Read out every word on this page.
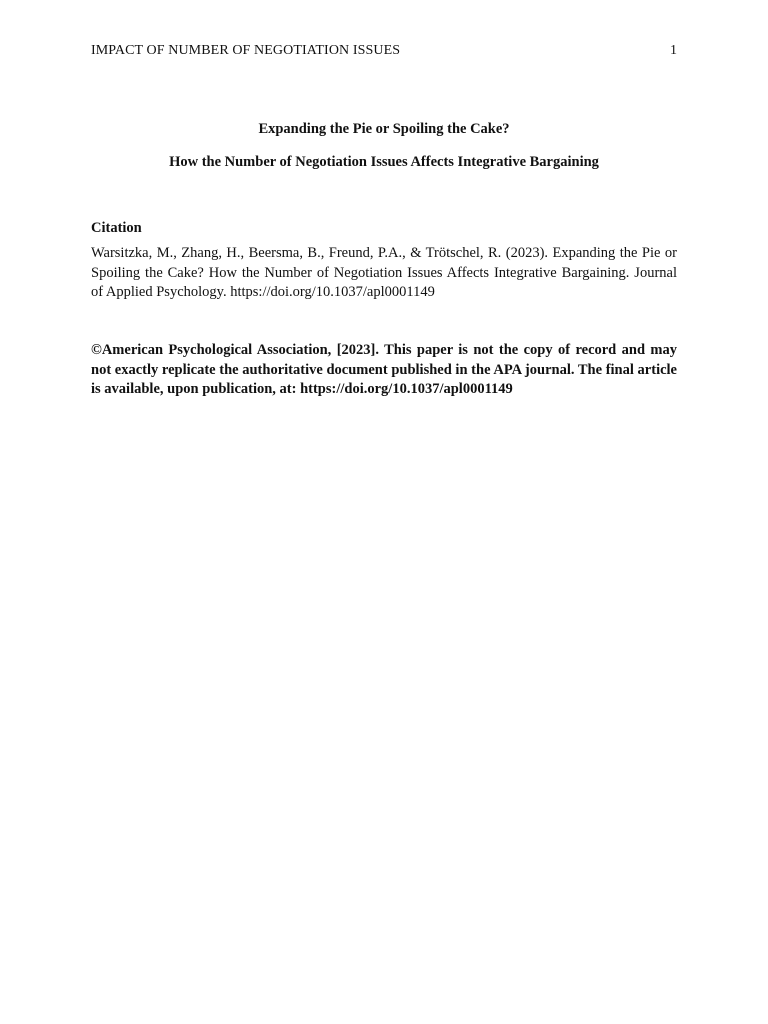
IMPACT OF NUMBER OF NEGOTIATION ISSUES	1

Expanding the Pie or Spoiling the Cake?

How the Number of Negotiation Issues Affects Integrative Bargaining

Citation

Warsitzka, M., Zhang, H., Beersma, B., Freund, P.A., & Trötschel, R. (2023). Expanding the Pie or Spoiling the Cake? How the Number of Negotiation Issues Affects Integrative Bargaining. Journal of Applied Psychology. https://doi.org/10.1037/apl0001149

©American Psychological Association, [2023]. This paper is not the copy of record and may not exactly replicate the authoritative document published in the APA journal. The final article is available, upon publication, at: https://doi.org/10.1037/apl0001149
